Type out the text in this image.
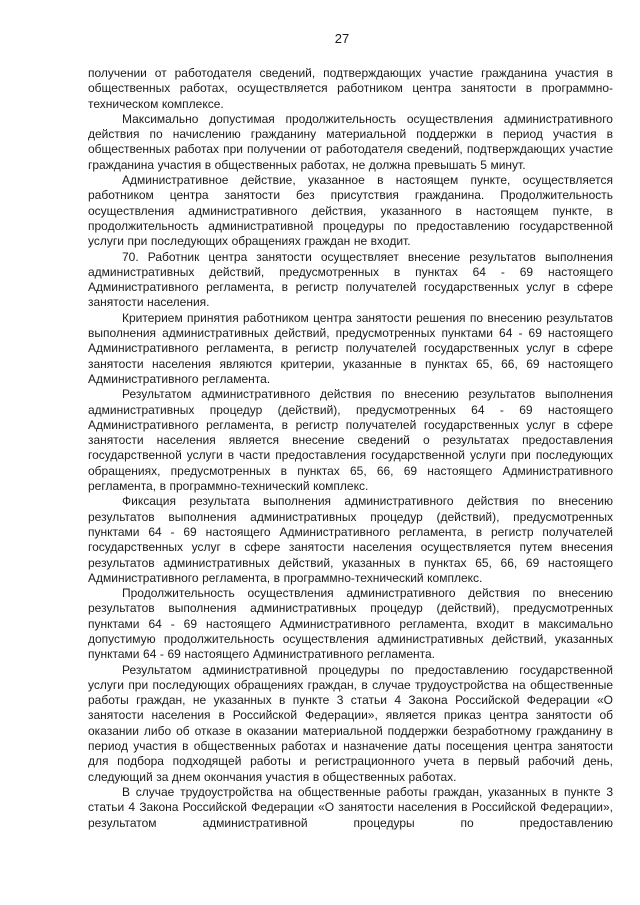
27

получении от работодателя сведений, подтверждающих участие гражданина участия в общественных работах, осуществляется работником центра занятости в программно-техническом комплексе.

Максимально допустимая продолжительность осуществления административного действия по начислению гражданину материальной поддержки в период участия в общественных работах при получении от работодателя сведений, подтверждающих участие гражданина участия в общественных работах, не должна превышать 5 минут.

Административное действие, указанное в настоящем пункте, осуществляется работником центра занятости без присутствия гражданина. Продолжительность осуществления административного действия, указанного в настоящем пункте, в продолжительность административной процедуры по предоставлению государственной услуги при последующих обращениях граждан не входит.

70. Работник центра занятости осуществляет внесение результатов выполнения административных действий, предусмотренных в пунктах 64 - 69 настоящего Административного регламента, в регистр получателей государственных услуг в сфере занятости населения.

Критерием принятия работником центра занятости решения по внесению результатов выполнения административных действий, предусмотренных пунктами 64 - 69 настоящего Административного регламента, в регистр получателей государственных услуг в сфере занятости населения являются критерии, указанные в пунктах 65, 66, 69 настоящего Административного регламента.

Результатом административного действия по внесению результатов выполнения административных процедур (действий), предусмотренных 64 - 69 настоящего Административного регламента, в регистр получателей государственных услуг в сфере занятости населения является внесение сведений о результатах предоставления государственной услуги в части предоставления государственной услуги при последующих обращениях, предусмотренных в пунктах 65, 66, 69 настоящего Административного регламента, в программно-технический комплекс.

Фиксация результата выполнения административного действия по внесению результатов выполнения административных процедур (действий), предусмотренных пунктами 64 - 69 настоящего Административного регламента, в регистр получателей государственных услуг в сфере занятости населения осуществляется путем внесения результатов административных действий, указанных в пунктах 65, 66, 69 настоящего Административного регламента, в программно-технический комплекс.

Продолжительность осуществления административного действия по внесению результатов выполнения административных процедур (действий), предусмотренных пунктами 64 - 69 настоящего Административного регламента, входит в максимально допустимую продолжительность осуществления административных действий, указанных пунктами 64 - 69 настоящего Административного регламента.

Результатом административной процедуры по предоставлению государственной услуги при последующих обращениях граждан, в случае трудоустройства на общественные работы граждан, не указанных в пункте 3 статьи 4 Закона Российской Федерации «О занятости населения в Российской Федерации», является приказ центра занятости об оказании либо об отказе в оказании материальной поддержки безработному гражданину в период участия в общественных работах и назначение даты посещения центра занятости для подбора подходящей работы и регистрационного учета в первый рабочий день, следующий за днем окончания участия в общественных работах.

В случае трудоустройства на общественные работы граждан, указанных в пункте 3 статьи 4 Закона Российской Федерации «О занятости населения в Российской Федерации», результатом административной процедуры по предоставлению
